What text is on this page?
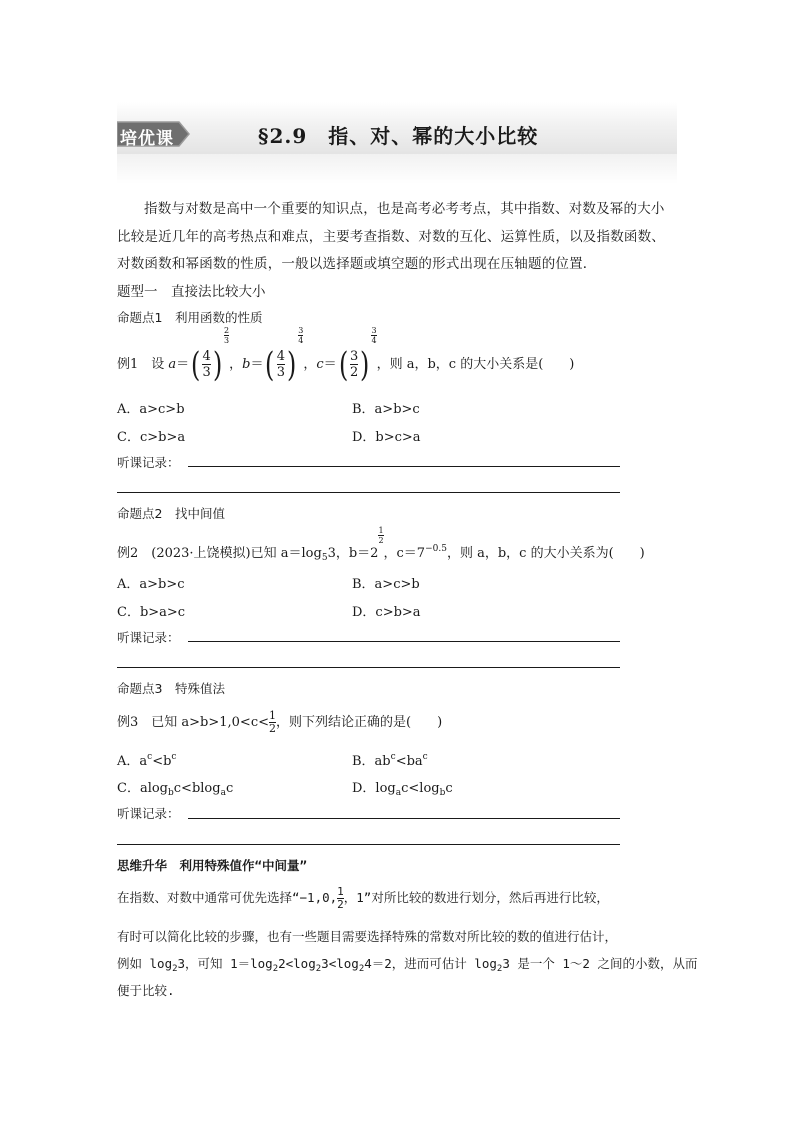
培优课	§2.9　指、对、幂的大小比较
指数与对数是高中一个重要的知识点，也是高考必考考点，其中指数、对数及幂的大小
比较是近几年的高考热点和难点，主要考查指数、对数的互化、运算性质，以及指数函数、
对数函数和幂函数的性质，一般以选择题或填空题的形式出现在压轴题的位置．
题型一　直接法比较大小
命题点1　利用函数的性质
例1　设 $a=( \frac{4}{3}$ )
$\frac{2}{3}$
，$b=( \frac{4}{3}$ )
$\frac{3}{4}$
，$c=( \frac{3}{2}$ )
$\frac{3}{4}$
，则 a，b，c 的大小关系是(　　)
A．a>c>b	B．a>b>c
C．c>b>a	D．b>c>a
听课记录：
命题点2　找中间值
例2　(2023·上饶模拟)已知 $a=\log_53$，b＝2
$\frac{1}{2}$
，$c=7^{-0.5}$，则 a，b，c 的大小关系为(　　)
A．a>b>c	B．a>c>b
C．b>a>c	D．c>b>a
听课记录：
命题点3　特殊值法
例3　已知 $a>b>1,0<c< \frac{1}{2}$ ，则下列结论正确的是(　　)
A．$a^c<b^c$	B．$ab^c<ba^c$
C．alog$_b$c<blog$_a$c	D．$\log_ac<\log_bc$
听课记录：
思维升华　利用特殊值作“中间量”
在指数、对数中通常可优先选择“−1,0, $\frac{1}{2}$ ，1”对所比较的数进行划分，然后再进行比较，
有时可以简化比较的步骤，也有一些题目需要选择特殊的常数对所比较的数的值进行估计，
例如 $\log_23$，可知 $1=\log_22<\log_23<\log_24=2$，进而可估计 $\log_23$ 是一个 1～2 之间的小数，从而
便于比较.
